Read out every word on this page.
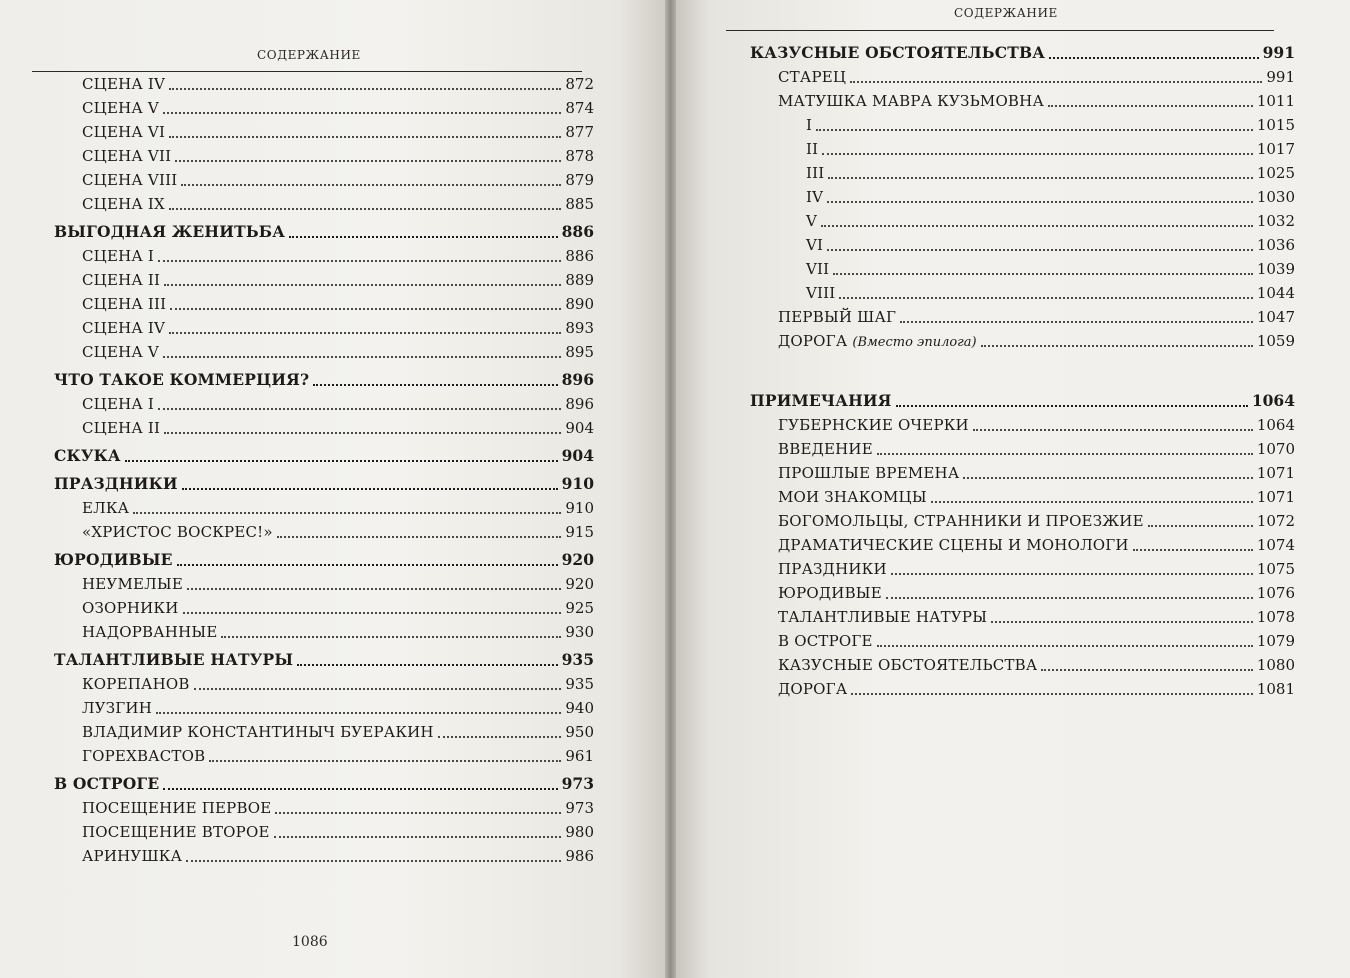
СОДЕРЖАНИЕ
СЦЕНА IV	872
СЦЕНА V	874
СЦЕНА VI	877
СЦЕНА VII	878
СЦЕНА VIII	879
СЦЕНА IX	885
ВЫГОДНАЯ ЖЕНИТЬБА	886
СЦЕНА I	886
СЦЕНА II	889
СЦЕНА III	890
СЦЕНА IV	893
СЦЕНА V	895
ЧТО ТАКОЕ КОММЕРЦИЯ?	896
СЦЕНА I	896
СЦЕНА II	904
СКУКА	904
ПРАЗДНИКИ	910
ЕЛКА	910
«ХРИСТОС ВОСКРЕС!»	915
ЮРОДИВЫЕ	920
НЕУМЕЛЫЕ	920
ОЗОРНИКИ	925
НАДОРВАННЫЕ	930
ТАЛАНТЛИВЫЕ НАТУРЫ	935
КОРЕПАНОВ	935
ЛУЗГИН	940
ВЛАДИМИР КОНСТАНТИНЫЧ БУЕРАКИН	950
ГОРЕХВАСТОВ	961
В ОСТРОГЕ	973
ПОСЕЩЕНИЕ ПЕРВОЕ	973
ПОСЕЩЕНИЕ ВТОРОЕ	980
АРИНУШКА	986
1086
СОДЕРЖАНИЕ
КАЗУСНЫЕ ОБСТОЯТЕЛЬСТВА	991
СТАРЕЦ	991
МАТУШКА МАВРА КУЗЬМОВНА	1011
I	1015
II	1017
III	1025
IV	1030
V	1032
VI	1036
VII	1039
VIII	1044
ПЕРВЫЙ ШАГ	1047
ДОРОГА (Вместо эпилога)	1059
ПРИМЕЧАНИЯ	1064
ГУБЕРНСКИЕ ОЧЕРКИ	1064
ВВЕДЕНИЕ	1070
ПРОШЛЫЕ ВРЕМЕНА	1071
МОИ ЗНАКОМЦЫ	1071
БОГОМОЛЬЦЫ, СТРАННИКИ И ПРОЕЗЖИЕ	1072
ДРАМАТИЧЕСКИЕ СЦЕНЫ И МОНОЛОГИ	1074
ПРАЗДНИКИ	1075
ЮРОДИВЫЕ	1076
ТАЛАНТЛИВЫЕ НАТУРЫ	1078
В ОСТРОГЕ	1079
КАЗУСНЫЕ ОБСТОЯТЕЛЬСТВА	1080
ДОРОГА	1081
